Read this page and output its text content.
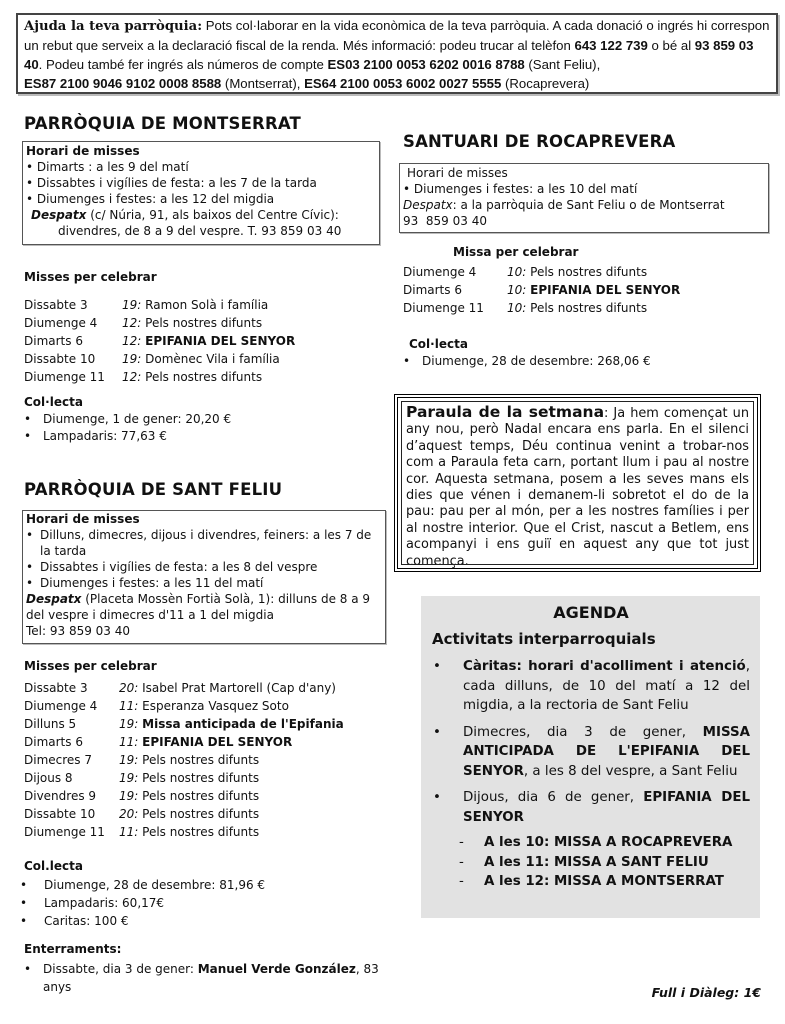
Ajuda la teva parròquia: Pots col·laborar en la vida econòmica de la teva parròquia. A cada donació o ingrés hi correspon un rebut que serveix a la declaració fiscal de la renda. Més informació: podeu trucar al telèfon 643 122 739 o bé al 93 859 03 40. Podeu també fer ingrés als números de compte ES03 2100 0053 6202 0016 8788 (Sant Feliu),
ES87 2100 9046 9102 0008 8588 (Montserrat), ES64 2100 0053 6002 0027 5555 (Rocaprevera)
PARRÒQUIA DE MONTSERRAT
Horari de misses
• Dimarts : a les 9 del matí
• Dissabtes i vigílies de festa: a les 7 de la tarda
• Diumenges i festes: a les 12 del migdia
Despatx (c/ Núria, 91, als baixos del Centre Cívic):
divendres, de 8 a 9 del vespre. T. 93 859 03 40
Misses per celebrar
Dissabte 3	19: Ramon Solà i família
Diumenge 4 12: Pels nostres difunts
Dimarts 6	12: EPIFANIA DEL SENYOR
Dissabte 10 19: Domènec Vila i família
Diumenge 11 12: Pels nostres difunts
Col·lecta
• Diumenge, 1 de gener: 20,20 €
• Lampadaris: 77,63 €
PARRÒQUIA DE SANT FELIU
Horari de misses
• Dilluns, dimecres, dijous i divendres, feiners: a les 7 de la tarda
• Dissabtes i vigílies de festa: a les 8 del vespre
• Diumenges i festes: a les 11 del matí
Despatx (Placeta Mossèn Fortià Solà, 1): dilluns de 8 a 9 del vespre i dimecres d'11 a 1 del migdia
Tel: 93 859 03 40
Misses per celebrar
Dissabte 3	20: Isabel Prat Martorell (Cap d'any)
Diumenge 4 11: Esperanza Vasquez Soto
Dilluns 5	19: Missa anticipada de l'Epifania
Dimarts 6	11: EPIFANIA DEL SENYOR
Dimecres 7 19: Pels nostres difunts
Dijous 8	19: Pels nostres difunts
Divendres 9 19: Pels nostres difunts
Dissabte 10 20: Pels nostres difunts
Diumenge 11 11: Pels nostres difunts
Col.lecta
• Diumenge, 28 de desembre: 81,96 €
• Lampadaris: 60,17€
• Caritas: 100 €
Enterraments:
• Dissabte, dia 3 de gener: Manuel Verde González, 83 anys
SANTUARI DE ROCAPREVERA
Horari de misses
• Diumenges i festes: a les 10 del matí
Despatx: a la parròquia de Sant Feliu o de Montserrat
93  859 03 40
Missa per celebrar
Diumenge 4	10: Pels nostres difunts
Dimarts 6	10: EPIFANIA DEL SENYOR
Diumenge 11 10: Pels nostres difunts
Col·lecta
• Diumenge, 28 de desembre: 268,06 €
Paraula de la setmana: Ja hem començat un any nou, però Nadal encara ens parla. En el silenci d’aquest temps, Déu continua venint a trobar-nos com a Paraula feta carn, portant llum i pau al nostre cor. Aquesta setmana, posem a les seves mans els dies que vénen i demanem-li sobretot el do de la pau: pau per al món, per a les nostres famílies i per al nostre interior. Que el Crist, nascut a Betlem, ens acompanyi i ens guiï en aquest any que tot just comença.
AGENDA
Activitats interparroquials
• Càritas: horari d'acolliment i atenció, cada dilluns, de 10 del matí a 12 del migdia, a la rectoria de Sant Feliu
• Dimecres, dia 3 de gener, MISSA ANTICIPADA DE L'EPIFANIA DEL SENYOR, a les 8 del vespre, a Sant Feliu
• Dijous, dia 6 de gener, EPIFANIA DEL SENYOR
- A les 10: MISSA A ROCAPREVERA
- A les 11: MISSA A SANT FELIU
- A les 12: MISSA A MONTSERRAT
Full i Diàleg: 1€
